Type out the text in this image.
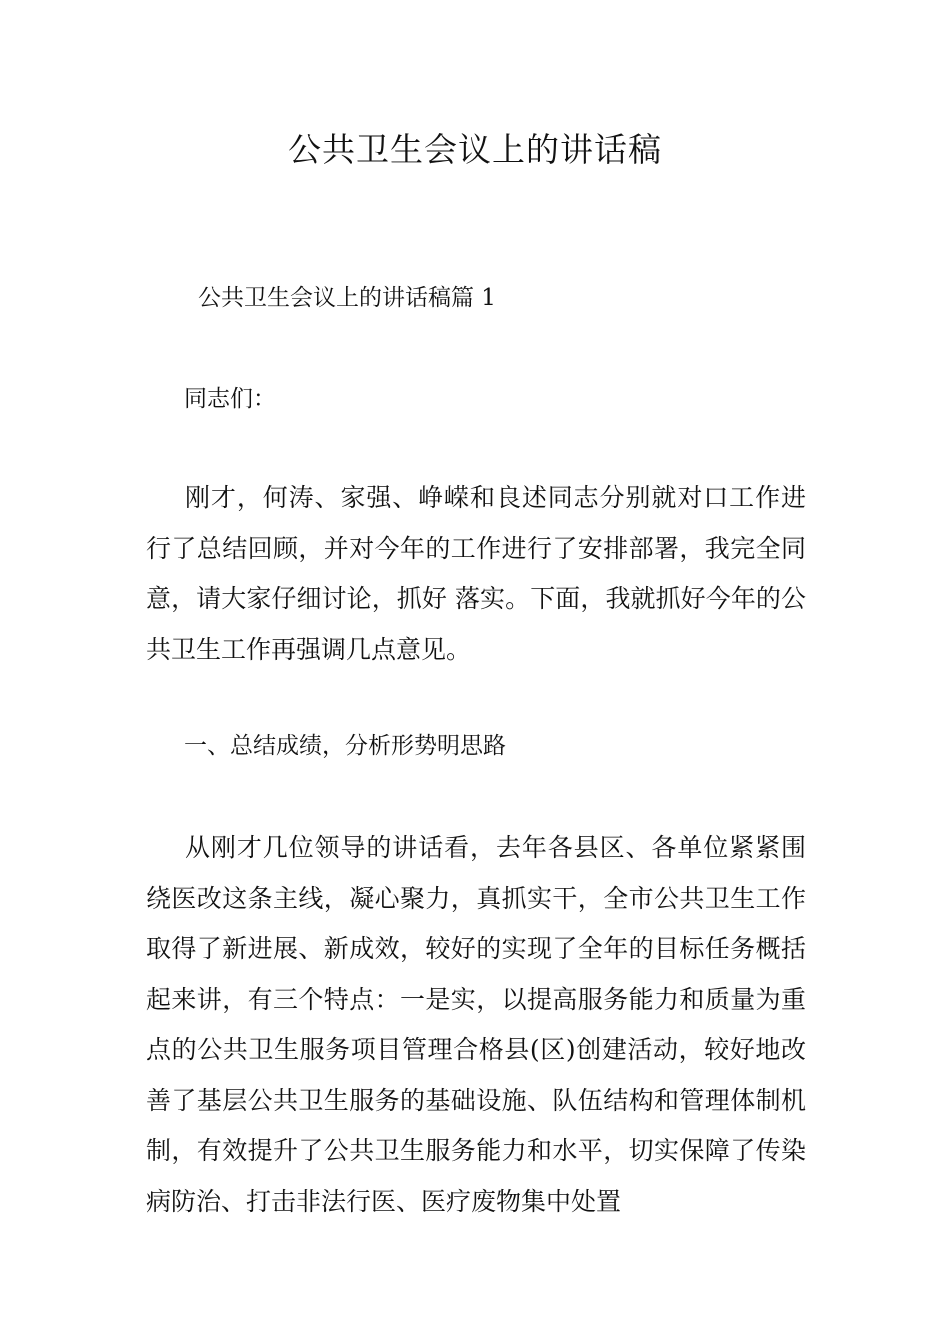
公共卫生会议上的讲话稿

公共卫生会议上的讲话稿篇 1

同志们：

刚才，何涛、家强、峥嵘和良述同志分别就对口工作进行了总结回顾，并对今年的工作进行了安排部署，我完全同意，请大家仔细讨论，抓好 落实。下面，我就抓好今年的公共卫生工作再强调几点意见。

一、总结成绩，分析形势明思路

从刚才几位领导的讲话看，去年各县区、各单位紧紧围绕医改这条主线，凝心聚力，真抓实干，全市公共卫生工作取得了新进展、新成效，较好的实现了全年的目标任务概括起来讲，有三个特点：一是实，以提高服务能力和质量为重点的公共卫生服务项目管理合格县(区)创建活动，较好地改善了基层公共卫生服务的基础设施、队伍结构和管理体制机制，有效提升了公共卫生服务能力和水平，切实保障了传染病防治、打击非法行医、医疗废物集中处置
